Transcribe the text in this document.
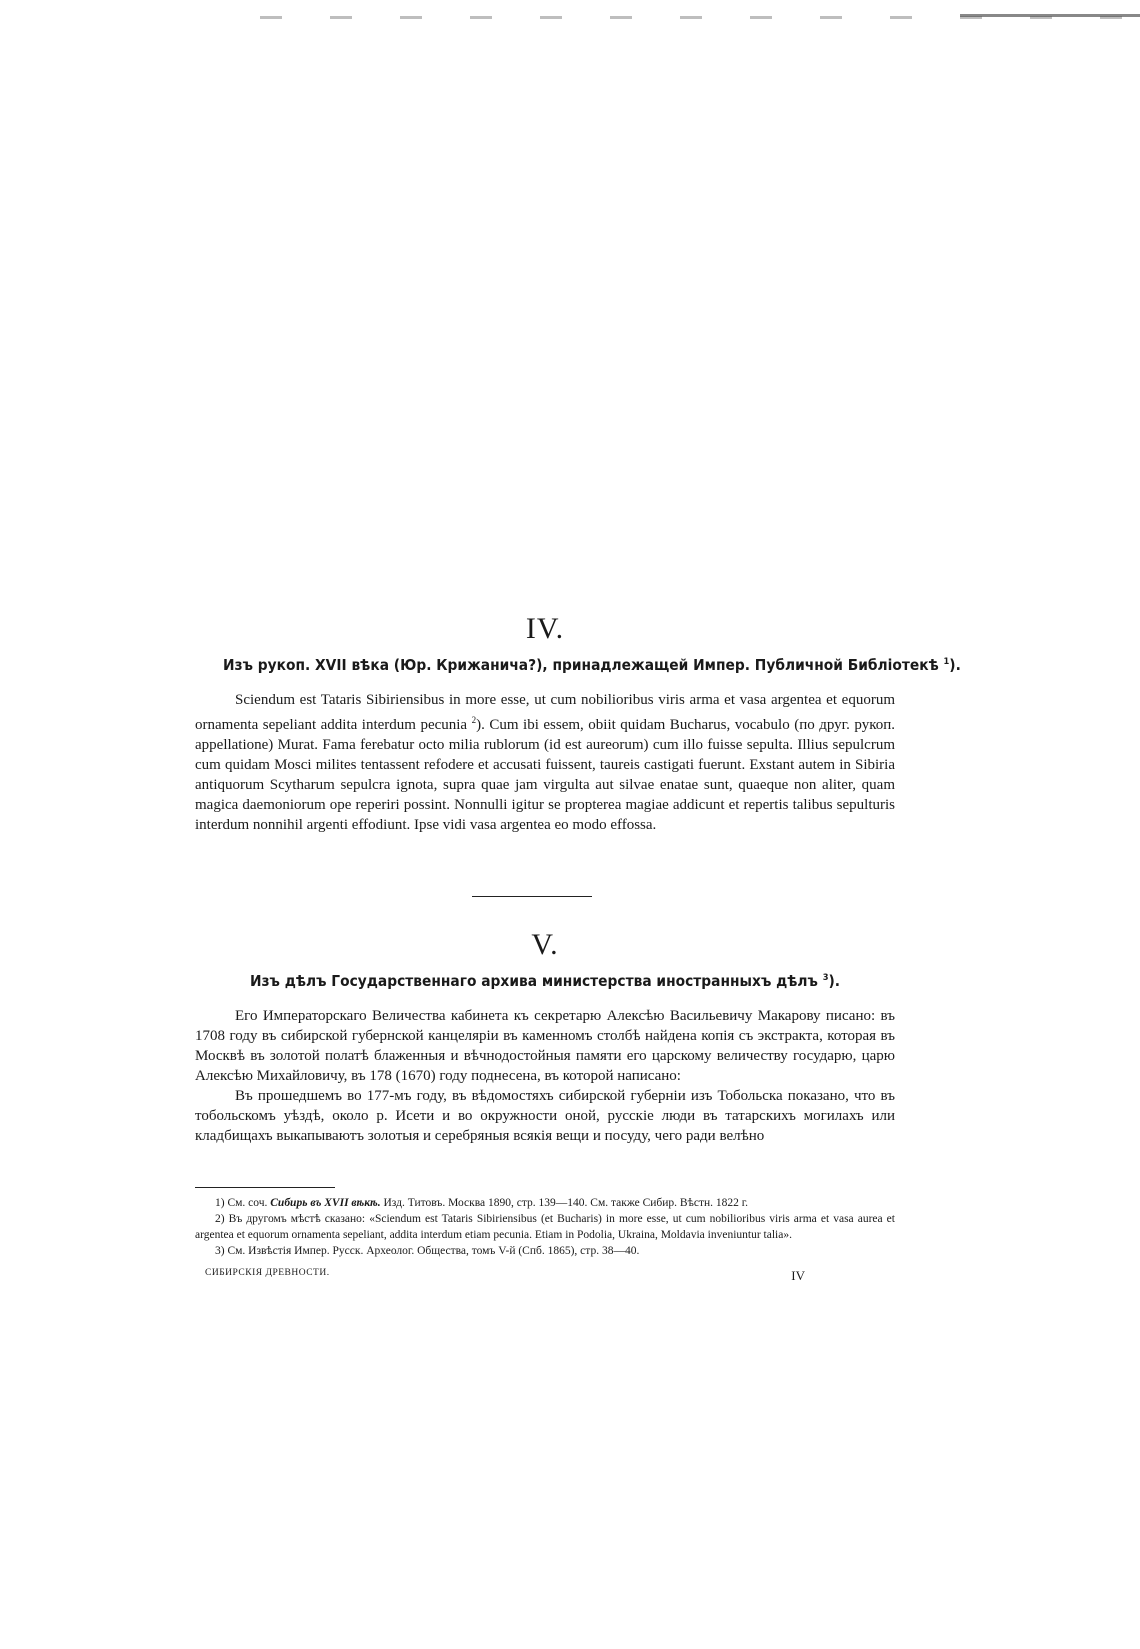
IV.

Изъ рукоп. XVII вѣка (Юр. Крижанича?), принадлежащей Импер. Публичной Библіотекѣ $^1$).

Sciendum est Tataris Sibiriensibus in more esse, ut cum nobilioribus viris arma et vasa argentea et equorum ornamenta sepeliant addita interdum pecunia $^2$). Cum ibi essem, obiit quidam Bucharus, vocabulo (по друг. рукоп. appellatione) Murat. Fama ferebatur octo milia rublorum (id est aureorum) cum illo fuisse sepulta. Illius sepulcrum cum quidam Mosci milites tentassent refodere et accusati fuissent, taureis castigati fuerunt. Exstant autem in Sibiria antiquorum Scytharum sepulcra ignota, supra quae jam virgulta aut silvae enatae sunt, quaeque non aliter, quam magica daemoniorum ope reperiri possint. Nonnulli igitur se propterea magiae addicunt et repertis talibus sepulturis interdum nonnihil argenti effodiunt. Ipse vidi vasa argentea eo modo effossa.

V.

Изъ дѣлъ Государственнаго архива министерства иностранныхъ дѣлъ $^3$).

Его Императорскаго Величества кабинета къ секретарю Алексѣю Васильевичу Макарову писано: въ 1708 году въ сибирской губернской канцеляріи въ каменномъ столбѣ найдена копія съ экстракта, которая въ Москвѣ въ золотой полатѣ блаженныя и вѣчнодостойныя памяти его царскому величеству государю, царю Алексѣю Михайловичу, въ 178 (1670) году поднесена, въ которой написано:

Въ прошедшемъ во 177-мъ году, въ вѣдомостяхъ сибирской губерніи изъ Тобольска показано, что въ тобольскомъ уѣздѣ, около р. Исети и во окружности оной, русскіе люди въ татарскихъ могилахъ или кладбищахъ выкапываютъ золотыя и серебряныя всякія вещи и посуду, чего ради велѣно

1) См. соч. Сибирь въ XVII вѣкѣ. Изд. Титовъ. Москва 1890, стр. 139—140. См. также Сибир. Вѣстн. 1822 г.

2) Въ другомъ мѣстѣ сказано: «Sciendum est Tataris Sibiriensibus (et Bucharis) in more esse, ut cum nobilioribus viris arma et vasa aurea et argentea et equorum ornamenta sepeliant, addita interdum etiam pecunia. Etiam in Podolia, Ukraina, Moldavia inveniuntur talia».

3) См. Извѣстія Импер. Русск. Археолог. Общества, томъ V-й (Спб. 1865), стр. 38—40.

СИБИРСКІЯ ДРЕВНОСТИ.	IV
